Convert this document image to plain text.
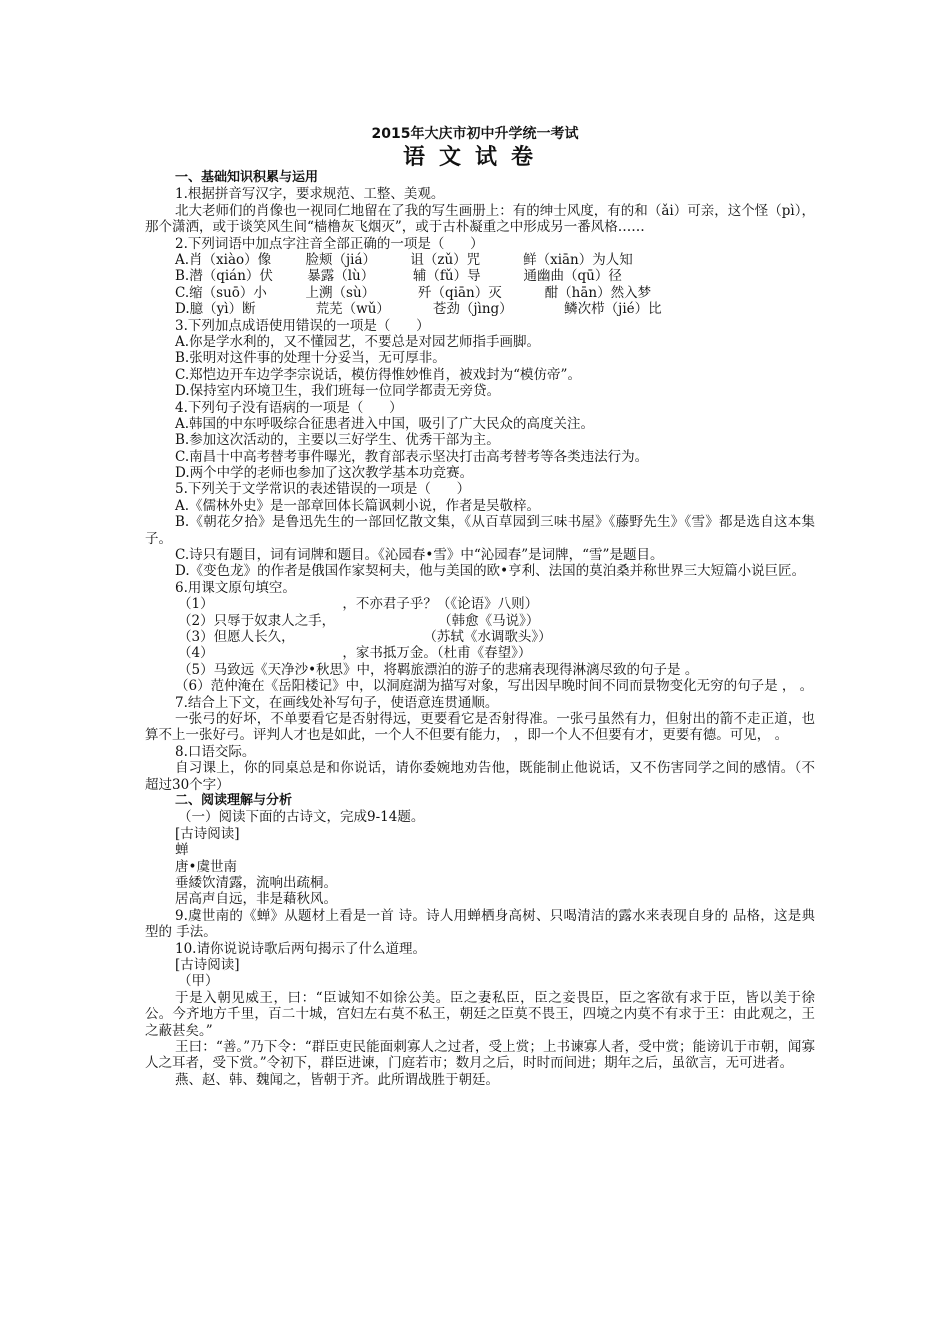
2015年大庆市初中升学统一考试
语文试卷
一、基础知识积累与运用
1.根据拼音写汉字，要求规范、工整、美观。
北大老师们的肖像也一视同仁地留在了我的写生画册上：有的绅士风度，有的和（ǎi）可亲，这个怪（pì），那个潇洒，或于谈笑风生间“樯橹灰飞烟灭”，或于古朴凝重之中形成另一番风格……
2.下列词语中加点字注音全部正确的一项是（      ）
A.肖（xiào）像        脸颊（jiá）        诅（zǔ）咒          鲜（xiān）为人知
B.潜（qián）伏        暴露（lù）         辅（fǔ）导          通幽曲（qū）径
C.缩（suō）小         上溯（sù）          歼（qiān）灭          酣（hān）然入梦
D.臆（yì）断              荒芜（wǔ）          苍劲（jìng）            鳞次栉（jié）比
3.下列加点成语使用错误的一项是（      ）
A.你是学水利的，又不懂园艺，不要总是对园艺师指手画脚。
B.张明对这件事的处理十分妥当，无可厚非。
C.郑恺边开车边学李宗说话，模仿得惟妙惟肖，被戏封为“模仿帝”。
D.保持室内环境卫生，我们班每一位同学都责无旁贷。
4.下列句子没有语病的一项是（      ）
A.韩国的中东呼吸综合征患者进入中国，吸引了广大民众的高度关注。
B.参加这次活动的，主要以三好学生、优秀干部为主。
C.南昌十中高考替考事件曝光，教育部表示坚决打击高考替考等各类违法行为。
D.两个中学的老师也参加了这次教学基本功竞赛。
5.下列关于文学常识的表述错误的一项是（      ）
A.《儒林外史》是一部章回体长篇讽刺小说，作者是吴敬梓。
B.《朝花夕拾》是鲁迅先生的一部回忆散文集，《从百草园到三味书屋》《藤野先生》《雪》都是选自这本集子。
C.诗只有题目，词有词牌和题目。《沁园春•雪》中“沁园春”是词牌，“雪”是题目。
D.《变色龙》的作者是俄国作家契柯夫，他与美国的欧•亨利、法国的莫泊桑并称世界三大短篇小说巨匠。
6.用课文原句填空。
（1）                              ，不亦君子乎？（《论语》八则）
（2）只辱于奴隶人之手，                        （韩愈《马说》）
（3）但愿人长久，                              （苏轼《水调歌头》）
（4）                              ，家书抵万金。（杜甫《春望》）
（5）马致远《天净沙•秋思》中，将羁旅漂泊的游子的悲痛表现得淋漓尽致的句子是 。
（6）范仲淹在《岳阳楼记》中，以洞庭湖为描写对象，写出因早晚时间不同而景物变化无穷的句子是 ， 。
7.结合上下文，在画线处补写句子，使语意连贯通顺。
一张弓的好坏，不单要看它是否射得远，更要看它是否射得准。一张弓虽然有力，但射出的箭不走正道，也算不上一张好弓。评判人才也是如此，一个人不但要有能力， ，即一个人不但要有才，更要有德。可见， 。
8.口语交际。
自习课上，你的同桌总是和你说话，请你委婉地劝告他，既能制止他说话，又不伤害同学之间的感情。（不超过30个字）
二、阅读理解与分析
（一）阅读下面的古诗文，完成9-14题。
[古诗阅读]
蝉
唐•虞世南
垂緌饮清露，流响出疏桐。
居高声自远，非是藉秋风。
9.虞世南的《蝉》从题材上看是一首 诗。诗人用蝉栖身高树、只喝清洁的露水来表现自身的 品格，这是典型的 手法。
10.请你说说诗歌后两句揭示了什么道理。
[古诗阅读]
（甲）
于是入朝见威王，曰：“臣诚知不如徐公美。臣之妻私臣，臣之妾畏臣，臣之客欲有求于臣，皆以美于徐公。今齐地方千里，百二十城，宫妇左右莫不私王，朝廷之臣莫不畏王，四境之内莫不有求于王：由此观之，王之蔽甚矣。”
王曰：“善。”乃下令：“群臣吏民能面刺寡人之过者，受上赏；上书谏寡人者，受中赏；能谤讥于市朝，闻寡人之耳者，受下赏。”令初下，群臣进谏，门庭若市；数月之后，时时而间进；期年之后，虽欲言，无可进者。
燕、赵、韩、魏闻之，皆朝于齐。此所谓战胜于朝廷。
